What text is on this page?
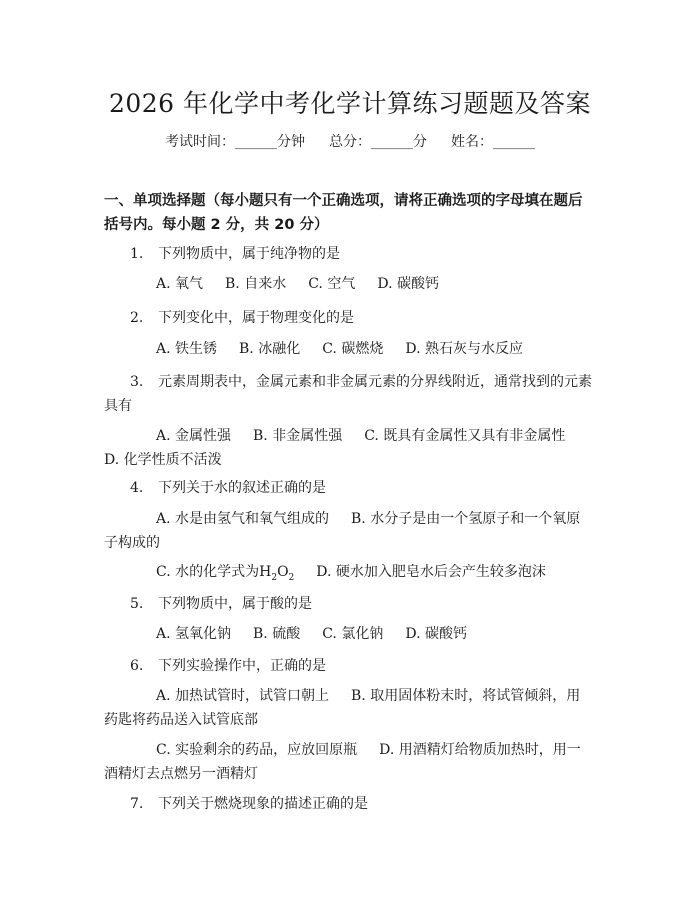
2026 年化学中考化学计算练习题题及答案
考试时间：______分钟 总分：______分 姓名：______
一、单项选择题（每小题只有一个正确选项，请将正确选项的字母填在题后括号内。每小题 2 分，共 20 分）
1. 下列物质中，属于纯净物的是
A. 氧气 B. 自来水 C. 空气 D. 碳酸钙
2. 下列变化中，属于物理变化的是
A. 铁生锈 B. 冰融化 C. 碳燃烧 D. 熟石灰与水反应
3. 元素周期表中，金属元素和非金属元素的分界线附近，通常找到的元素具有
A. 金属性强 B. 非金属性强 C. 既具有金属性又具有非金属性
D. 化学性质不活泼
4. 下列关于水的叙述正确的是
A. 水是由氢气和氧气组成的 B. 水分子是由一个氢原子和一个氧原子构成的
C. 水的化学式为$H_2O_2$ D. 硬水加入肥皂水后会产生较多泡沫
5. 下列物质中，属于酸的是
A. 氢氧化钠 B. 硫酸 C. 氯化钠 D. 碳酸钙
6. 下列实验操作中，正确的是
A. 加热试管时，试管口朝上 B. 取用固体粉末时，将试管倾斜，用药匙将药品送入试管底部
C. 实验剩余的药品，应放回原瓶 D. 用酒精灯给物质加热时，用一酒精灯去点燃另一酒精灯
7. 下列关于燃烧现象的描述正确的是
